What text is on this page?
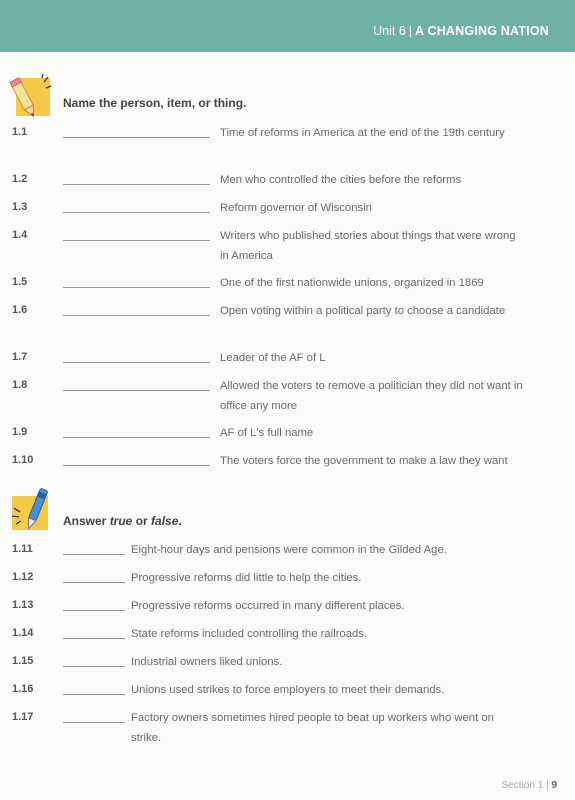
Unit 6 | A CHANGING NATION
Name the person, item, or thing.
1.1	Time of reforms in America at the end of the 19th century
1.2	Men who controlled the cities before the reforms
1.3	Reform governor of Wisconsin
1.4	Writers who published stories about things that were wrong in America
1.5	One of the first nationwide unions, organized in 1869
1.6	Open voting within a political party to choose a candidate
1.7	Leader of the AF of L
1.8	Allowed the voters to remove a politician they did not want in office any more
1.9	AF of L's full name
1.10	The voters force the government to make a law they want
Answer true or false.
1.11	Eight-hour days and pensions were common in the Gilded Age.
1.12	Progressive reforms did little to help the cities.
1.13	Progressive reforms occurred in many different places.
1.14	State reforms included controlling the railroads.
1.15	Industrial owners liked unions.
1.16	Unions used strikes to force employers to meet their demands.
1.17	Factory owners sometimes hired people to beat up workers who went on strike.
Section 1 | 9
